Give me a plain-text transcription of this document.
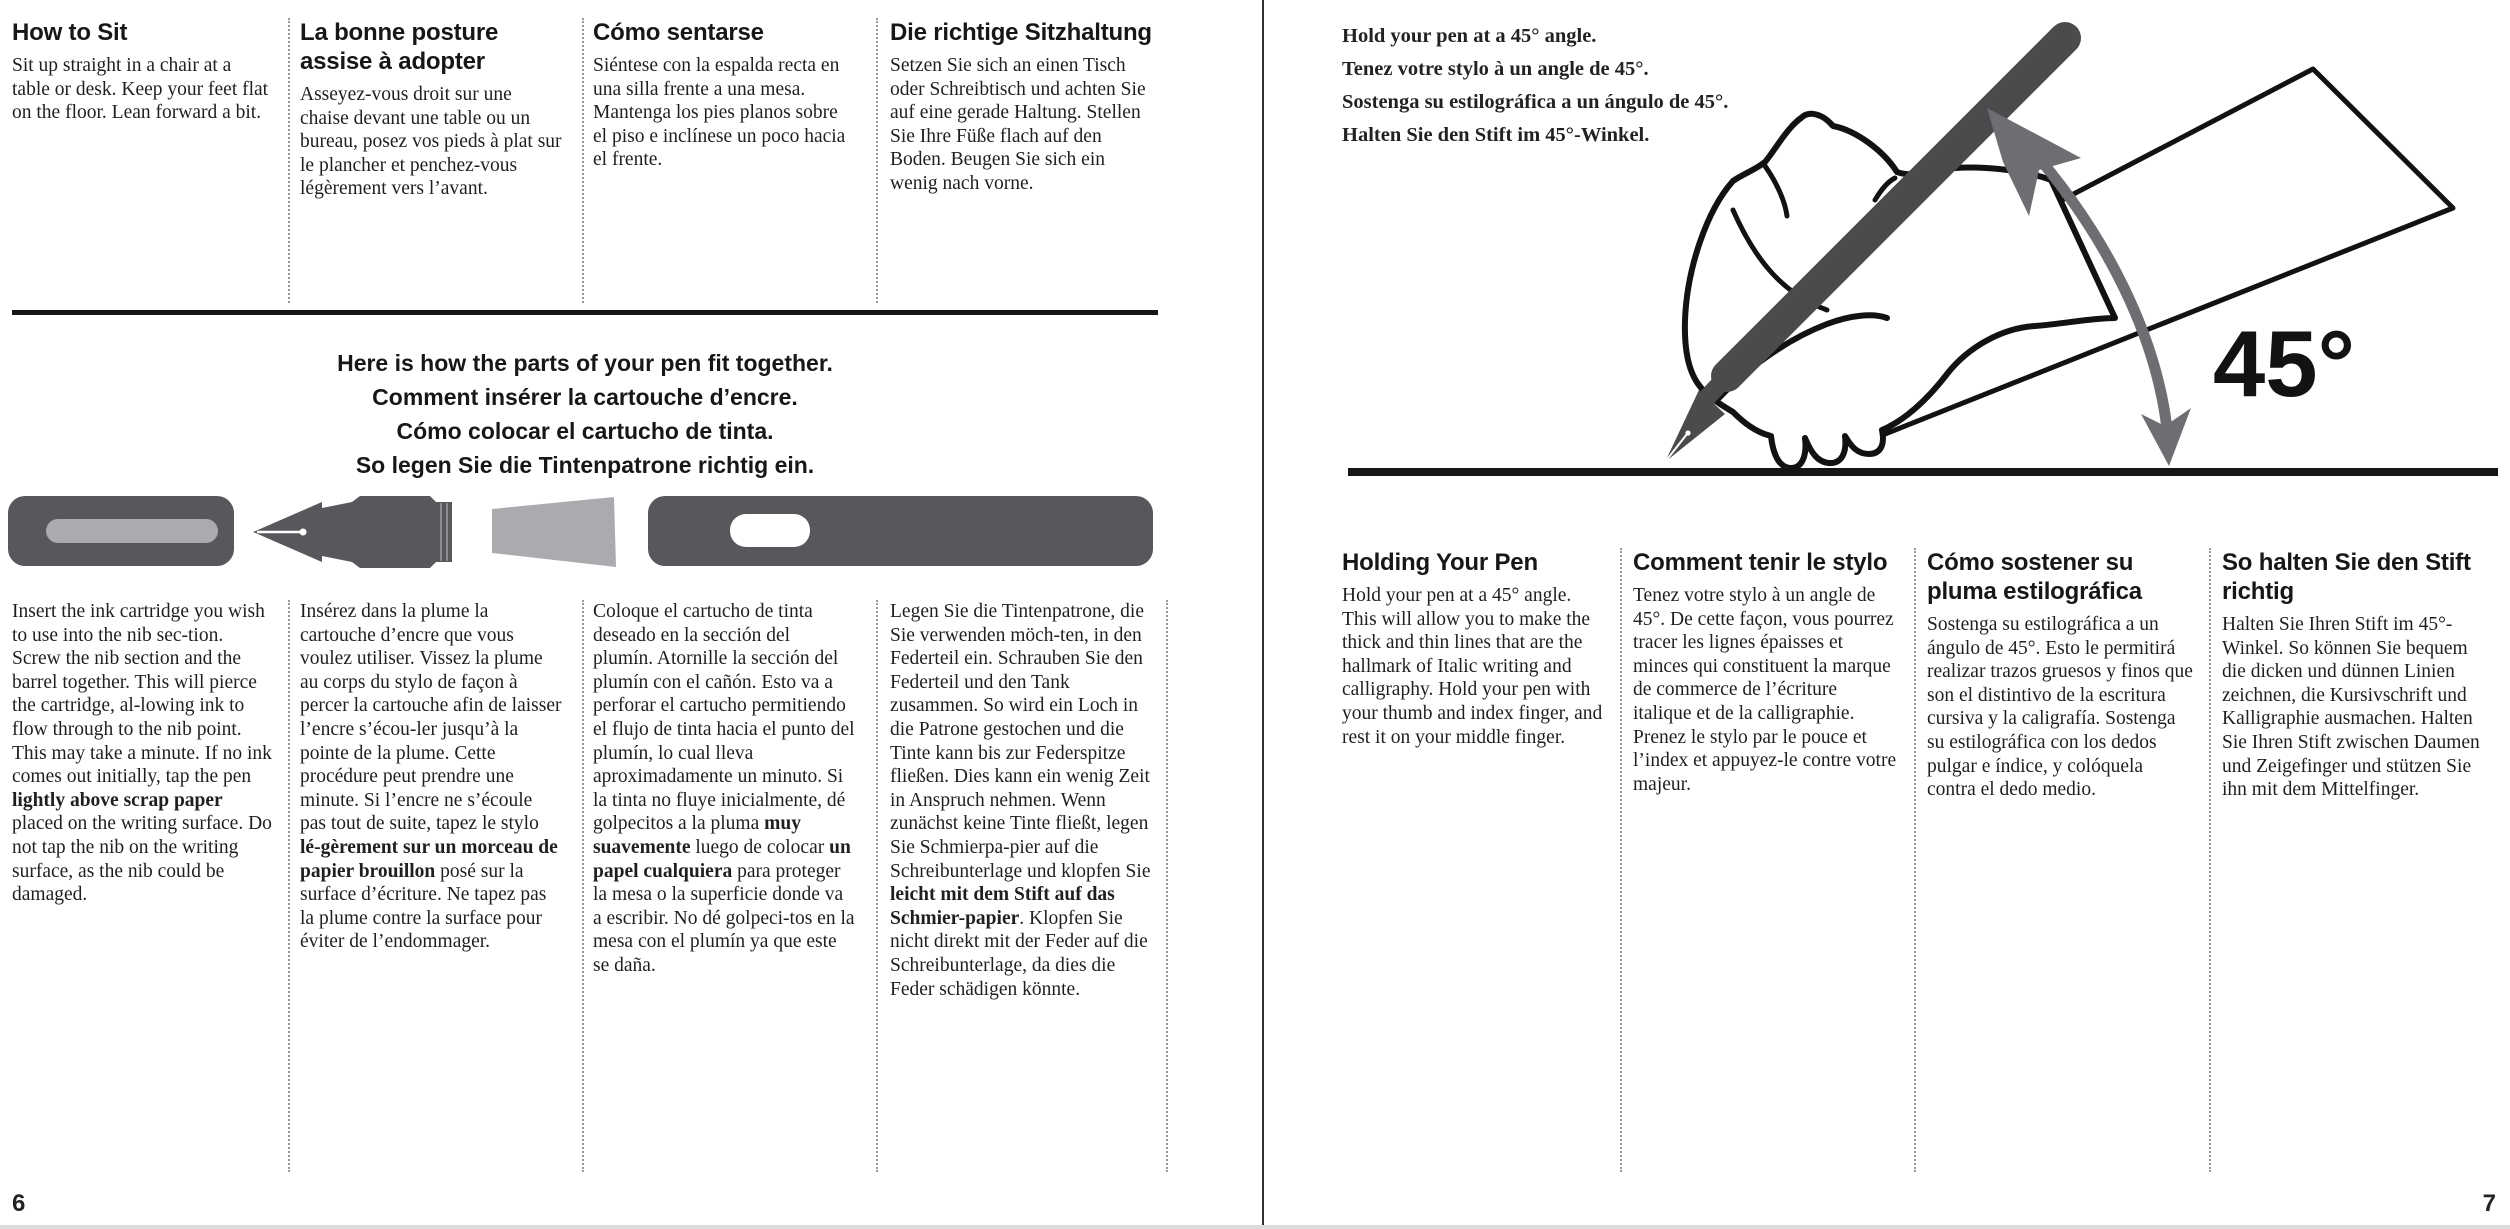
How to Sit
Sit up straight in a chair at a table or desk. Keep your feet flat on the floor. Lean forward a bit.
La bonne posture assise à adopter
Asseyez-vous droit sur une chaise devant une table ou un bureau, posez vos pieds à plat sur le plancher et penchez-vous légèrement vers l’avant.
Cómo sentarse
Siéntese con la espalda recta en una silla frente a una mesa. Mantenga los pies planos sobre el piso e inclínese un poco hacia el frente.
Die richtige Sitzhaltung
Setzen Sie sich an einen Tisch oder Schreibtisch und achten Sie auf eine gerade Haltung. Stellen Sie Ihre Füße flach auf den Boden. Beugen Sie sich ein wenig nach vorne.
Here is how the parts of your pen fit together.
Comment insérer la cartouche d’encre.
Cómo colocar el cartucho de tinta.
So legen Sie die Tintenpatrone richtig ein.
Insert the ink cartridge you wish to use into the nib sec-tion. Screw the nib section and the barrel together. This will pierce the cartridge, al-lowing ink to flow through to the nib point. This may take a minute. If no ink comes out initially, tap the pen lightly above scrap paper placed on the writing surface. Do not tap the nib on the writing surface, as the nib could be damaged.
Insérez dans la plume la cartouche d’encre que vous voulez utiliser. Vissez la plume au corps du stylo de façon à percer la cartouche afin de laisser l’encre s’écou-ler jusqu’à la pointe de la plume. Cette procédure peut prendre une minute. Si l’encre ne s’écoule pas tout de suite, tapez le stylo lé-gèrement sur un morceau de papier brouillon posé sur la surface d’écriture. Ne tapez pas la plume contre la surface pour éviter de l’endommager.
Coloque el cartucho de tinta deseado en la sección del plumín. Atornille la sección del plumín con el cañón. Esto va a perforar el cartucho permitiendo el flujo de tinta hacia el punto del plumín, lo cual lleva aproximadamente un minuto. Si la tinta no fluye inicialmente, dé golpecitos a la pluma muy suavemente luego de colocar un papel cualquiera para proteger la mesa o la superficie donde va a escribir. No dé golpeci-tos en la mesa con el plumín ya que este se daña.
Legen Sie die Tintenpatrone, die Sie verwenden möch-ten, in den Federteil ein. Schrauben Sie den Federteil und den Tank zusammen. So wird ein Loch in die Patrone gestochen und die Tinte kann bis zur Federspitze fließen. Dies kann ein wenig Zeit in Anspruch nehmen. Wenn zunächst keine Tinte fließt, legen Sie Schmierpa-pier auf die Schreibunterlage und klopfen Sie leicht mit dem Stift auf das Schmier-papier. Klopfen Sie nicht direkt mit der Feder auf die Schreibunterlage, da dies die Feder schädigen könnte.
6
Hold your pen at a 45° angle.
Tenez votre stylo à un angle de 45°.
Sostenga su estilográfica a un ángulo de 45°.
Halten Sie den Stift im 45°-Winkel.
45°
Holding Your Pen
Hold your pen at a 45° angle. This will allow you to make the thick and thin lines that are the hallmark of Italic writing and calligraphy. Hold your pen with your thumb and index finger, and rest it on your middle finger.
Comment tenir le stylo
Tenez votre stylo à un angle de 45°. De cette façon, vous pourrez tracer les lignes épaisses et minces qui constituent la marque de commerce de l’écriture italique et de la calligraphie. Prenez le stylo par le pouce et l’index et appuyez-le contre votre majeur.
Cómo sostener su pluma estilográfica
Sostenga su estilográfica a un ángulo de 45°. Esto le permitirá realizar trazos gruesos y finos que son el distintivo de la escritura cursiva y la caligrafía. Sostenga su estilográfica con los dedos pulgar e índice, y colóquela contra el dedo medio.
So halten Sie den Stift richtig
Halten Sie Ihren Stift im 45°-Winkel. So können Sie bequem die dicken und dünnen Linien zeichnen, die Kursivschrift und Kalligraphie ausmachen. Halten Sie Ihren Stift zwischen Daumen und Zeigefinger und stützen Sie ihn mit dem Mittelfinger.
7
